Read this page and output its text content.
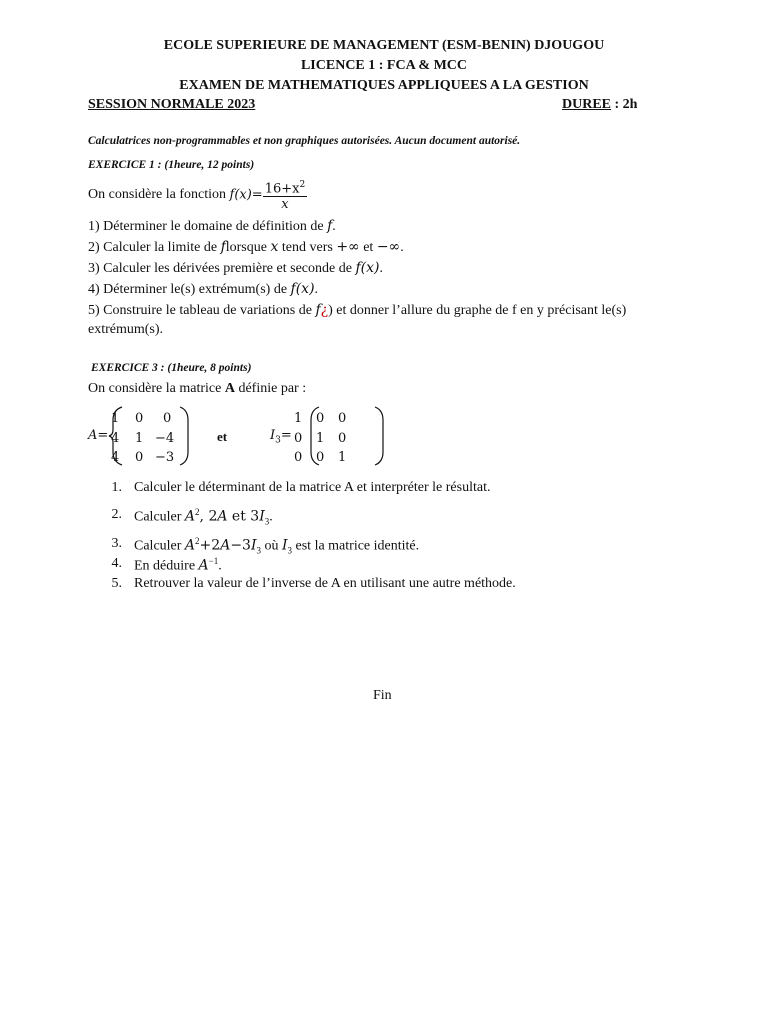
ECOLE SUPERIEURE DE MANAGEMENT (ESM-BENIN) DJOUGOU
LICENCE 1 : FCA & MCC
EXAMEN DE MATHEMATIQUES APPLIQUEES A LA GESTION
SESSION NORMALE 2023	DUREE : 2h
Calculatrices non-programmables et non graphiques autorisées. Aucun document autorisé.
EXERCICE 1 : (1heure, 12 points)
On considère la fonction $f(x)= \frac{16+x^2}{x}$
1) Déterminer le domaine de définition de f.
2) Calculer la limite de florsque x tend vers +∞ et −∞.
3) Calculer les dérivées première et seconde de f(x).
4) Déterminer le(s) extrémum(s) de f(x).
5) Construire le tableau de variations de f¿) et donner l’allure du graphe de f en y précisant le(s)
extrémum(s).
EXERCICE 3 : (1heure, 8 points)
On considère la matrice A définie par :
A=
1 0 0
4 1 −4
4 0 −3
et	$I_3=$
1 0 0
0 1 0
0 0 1
1. Calculer le déterminant de la matrice A et interpréter le résultat.
2. Calculer $A^2$, 2A et $3I_3$.
3. Calculer $A^2+2A-3I_3$ où $I_3$ est la matrice identité.
4. En déduire $A^{-1}$.
5. Retrouver la valeur de l’inverse de A en utilisant une autre méthode.
Fin
